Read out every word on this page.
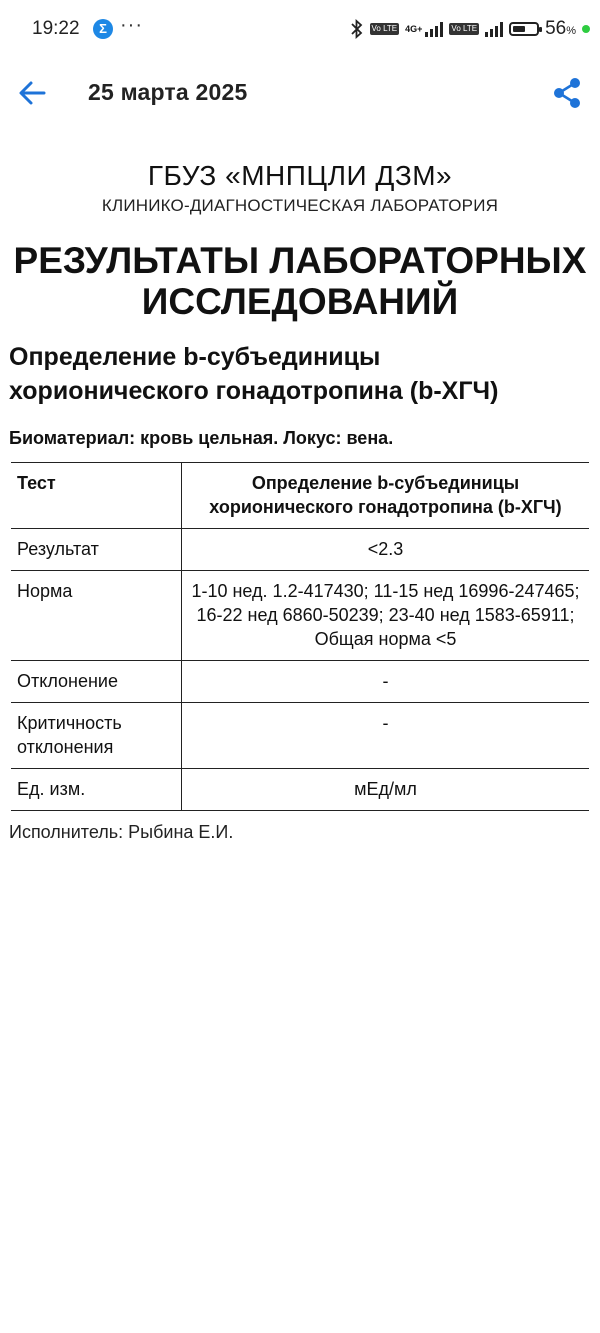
19:22	Σ ···	Vo LTE 4G+	Vo LTE	56%
25 марта 2025
ГБУЗ «МНПЦЛИ ДЗМ»
КЛИНИКО-ДИАГНОСТИЧЕСКАЯ ЛАБОРАТОРИЯ
РЕЗУЛЬТАТЫ ЛАБОРАТОРНЫХ
ИССЛЕДОВАНИЙ
Определение b-субъединицы
хорионического гонадотропина (b-ХГЧ)
Биоматериал: кровь цельная. Локус: вена.
Тест	Определение b-субъединицы
хорионического гонадотропина (b-ХГЧ)

Результат	<2.3
Норма	1-10 нед. 1.2-417430; 11-15 нед 16996-247465; 16-22 нед 6860-50239; 23-40 нед 1583-65911; Общая норма <5
Отклонение	-
Критичность отклонения	-
Ед. изм.	мЕд/мл
Исполнитель: Рыбина Е.И.
